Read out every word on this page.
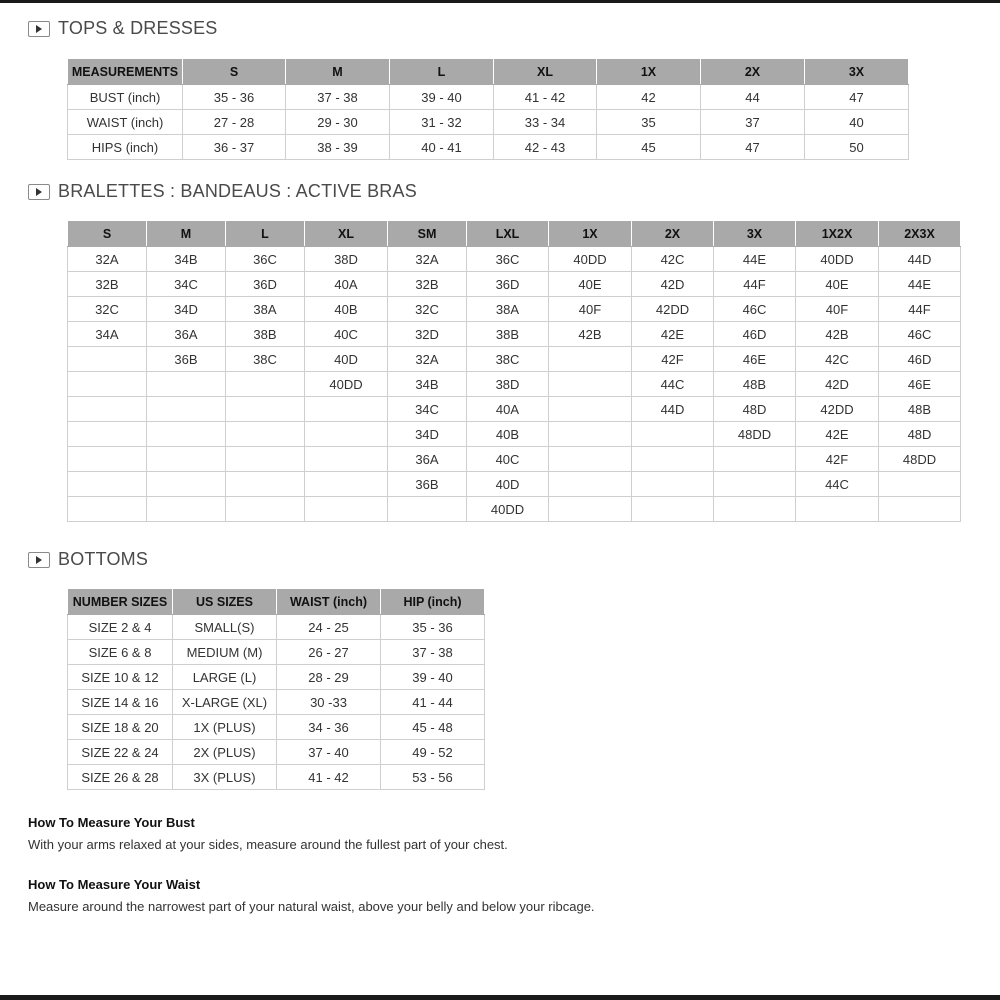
TOPS & DRESSES
MEASUREMENTS	S	M	L	XL	1X	2X	3X
BUST (inch)	35 - 36	37 - 38	39 - 40	41 - 42	42	44	47
WAIST (inch)	27 - 28	29 - 30	31 - 32	33 - 34	35	37	40
HIPS (inch)	36 - 37	38 - 39	40 - 41	42 - 43	45	47	50
BRALETTES : BANDEAUS : ACTIVE BRAS
S	M	L	XL	SM	LXL	1X	2X	3X	1X2X	2X3X
32A	34B	36C	38D	32A	36C	40DD	42C	44E	40DD	44D
32B	34C	36D	40A	32B	36D	40E	42D	44F	40E	44E
32C	34D	38A	40B	32C	38A	40F	42DD	46C	40F	44F
34A	36A	38B	40C	32D	38B	42B	42E	46D	42B	46C
	36B	38C	40D	32A	38C		42F	46E	42C	46D
			40DD	34B	38D		44C	48B	42D	46E
				34C	40A		44D	48D	42DD	48B
				34D	40B			48DD	42E	48D
				36A	40C				42F	48DD
				36B	40D				44C	
					40DD					
BOTTOMS
NUMBER SIZES	US SIZES	WAIST (inch)	HIP (inch)
SIZE 2 & 4	SMALL(S)	24 - 25	35 - 36
SIZE 6 & 8	MEDIUM (M)	26 - 27	37 - 38
SIZE 10 & 12	LARGE (L)	28 - 29	39 - 40
SIZE 14 & 16	X-LARGE (XL)	30 -33	41 - 44
SIZE 18 & 20	1X (PLUS)	34 - 36	45 - 48
SIZE 22 & 24	2X (PLUS)	37 - 40	49 - 52
SIZE 26 & 28	3X (PLUS)	41 - 42	53 - 56

How To Measure Your Bust

With your arms relaxed at your sides, measure around the fullest part of your chest.

How To Measure Your Waist

Measure around the narrowest part of your natural waist, above your belly and below your ribcage.
